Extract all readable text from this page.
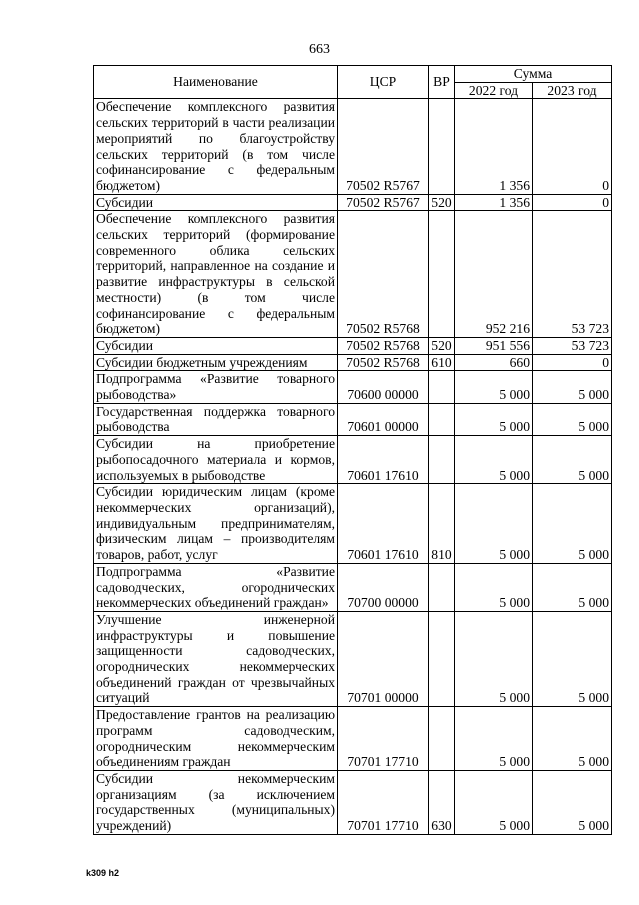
663
Наименование	ЦСР	ВР	Сумма	
			2022 год	2023 год
Обеспечение комплексного развития сельских территорий в части реализации мероприятий по благоустройству сельских территорий (в том числе софинансирование с федеральным бюджетом)	70502 R5767		1 356	0
Субсидии	70502 R5767	520	1 356	0
Обеспечение комплексного развития сельских территорий (формирование современного облика сельских территорий, направленное на создание и развитие инфраструктуры в сельской местности) (в том числе софинансирование с федеральным бюджетом)	70502 R5768		952 216	53 723
Субсидии	70502 R5768	520	951 556	53 723
Субсидии бюджетным учреждениям	70502 R5768	610	660	0
Подпрограмма «Развитие товарного рыбоводства»	70600 00000		5 000	5 000
Государственная поддержка товарного рыбоводства	70601 00000		5 000	5 000
Субсидии на приобретение рыбопосадочного материала и кормов, используемых в рыбоводстве	70601 17610		5 000	5 000
Субсидии юридическим лицам (кроме некоммерческих организаций), индивидуальным предпринимателям, физическим лицам – производителям товаров, работ, услуг	70601 17610	810	5 000	5 000
Подпрограмма «Развитие садоводческих, огороднических некоммерческих объединений граждан»	70700 00000		5 000	5 000
Улучшение инженерной инфраструктуры и повышение защищенности садоводческих, огороднических некоммерческих объединений граждан от чрезвычайных ситуаций	70701 00000		5 000	5 000
Предоставление грантов на реализацию программ садоводческим, огородническим некоммерческим объединениям граждан	70701 17710		5 000	5 000
Субсидии некоммерческим организациям (за исключением государственных (муниципальных) учреждений)	70701 17710	630	5 000	5 000
k309 h2
